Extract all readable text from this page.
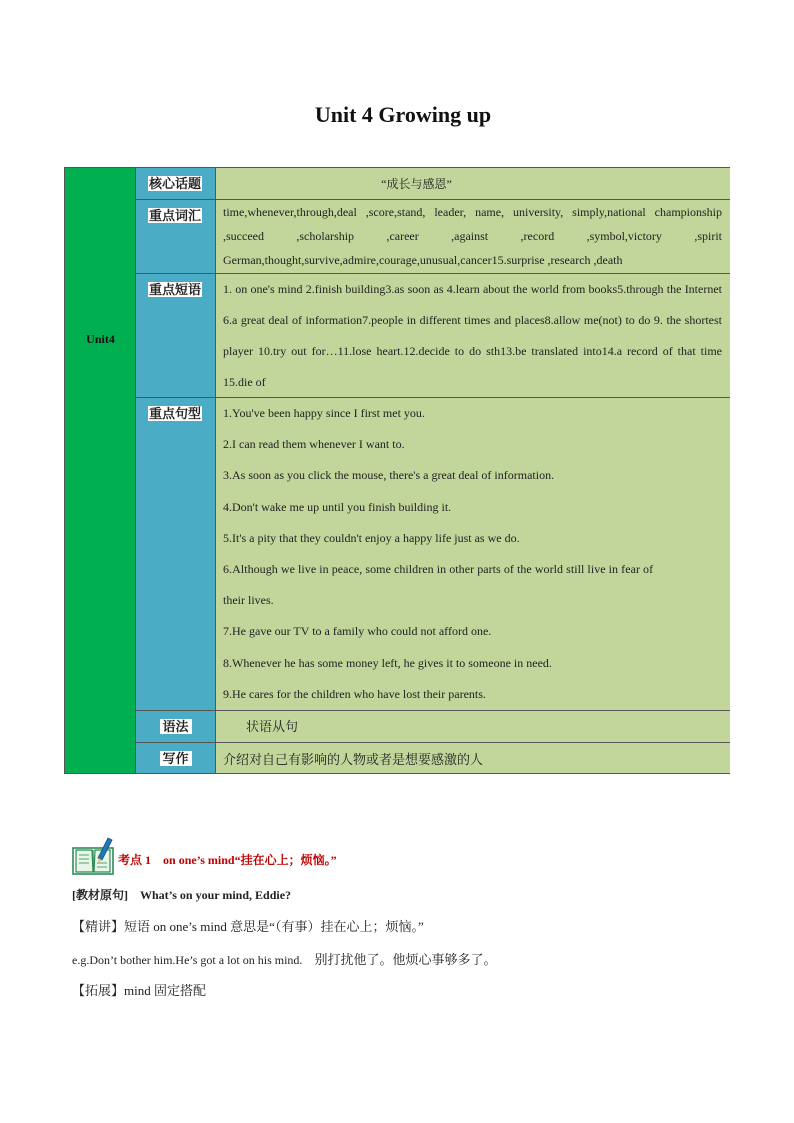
Unit 4 Growing up
Unit4
核心话题	“成长与感恩”
重点词汇 time,whenever,through,deal ,score,stand, leader, name, university, simply,national championship ,succeed ,scholarship ,career ,against ,record ,symbol,victory ,spirit German,thought,survive,admire,courage,unusual,cancer15.surprise ,research ,death

重点短语 1. on one's mind 2.finish building3.as soon as 4.learn about the world from books5.through the Internet 6.a great deal of information7.people in different times and places8.allow me(not) to do 9. the shortest player 10.try out for…11.lose heart.12.decide to do sth13.be translated into14.a record of that time 15.die of

重点句型 1.You've been happy since I first met you.
2.I can read them whenever I want to.
3.As soon as you click the mouse, there's a great deal of information.
4.Don't wake me up until you finish building it.
5.It's a pity that they couldn't enjoy a happy life just as we do.
6.Although we live in peace, some children in other parts of the world still live in fear of
their lives.
7.He gave our TV to a family who could not afford one.
8.Whenever he has some money left, he gives it to someone in need.
9.He cares for the children who have lost their parents.
语法	状语从句
写作	介绍对自己有影响的人物或者是想要感激的人
考点 1 on one’s mind“挂在心上；烦恼。”
[教材原句] What’s on your mind, Eddie?
【精讲】短语 on one’s mind 意思是“（有事）挂在心上；烦恼。”
e.g.Don’t bother him.He’s got a lot on his mind. 别打扰他了。他烦心事够多了。
【拓展】mind 固定搭配
